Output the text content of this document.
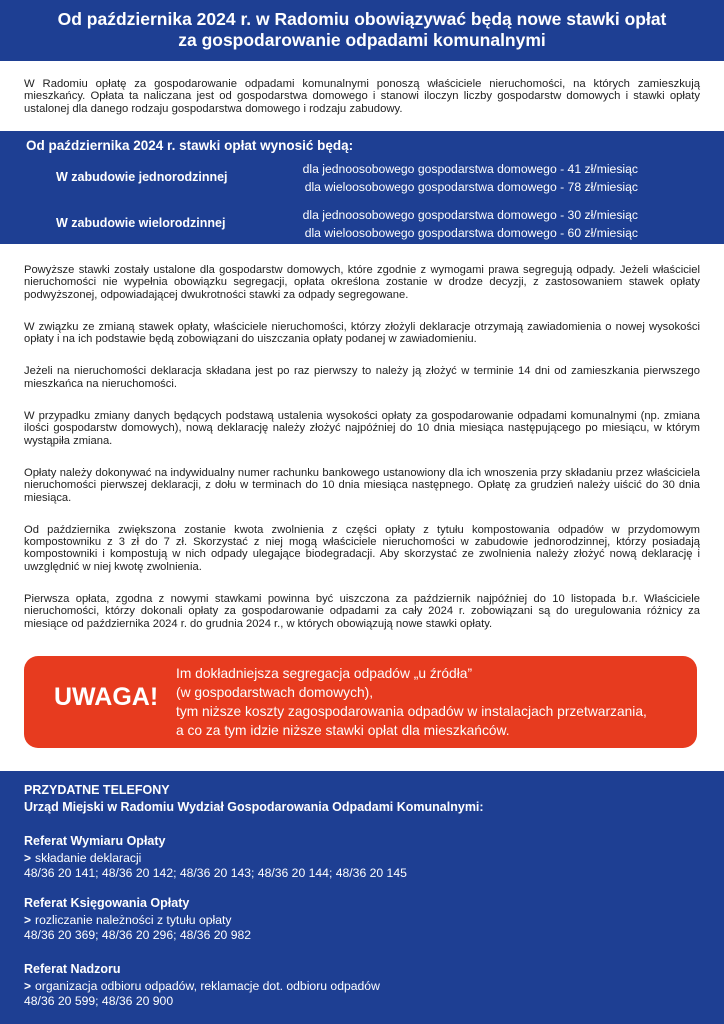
Od października 2024 r. w Radomiu obowiązywać będą nowe stawki opłat
za gospodarowanie odpadami komunalnymi
W Radomiu opłatę za gospodarowanie odpadami komunalnymi ponoszą właściciele nieruchomości, na których zamieszkują mieszkańcy. Opłata ta naliczana jest od gospodarstwa domowego i stanowi iloczyn liczby gospodarstw domowych i stawki opłaty ustalonej dla danego rodzaju gospodarstwa domowego i rodzaju zabudowy.
Od października 2024 r. stawki opłat wynosić będą:
W zabudowie jednorodzinnej
dla jednoosobowego gospodarstwa domowego - 41 zł/miesiąc
dla wieloosobowego gospodarstwa domowego - 78 zł/miesiąc
W zabudowie wielorodzinnej
dla jednoosobowego gospodarstwa domowego - 30 zł/miesiąc
dla wieloosobowego gospodarstwa domowego - 60 zł/miesiąc

Powyższe stawki zostały ustalone dla gospodarstw domowych, które zgodnie z wymogami prawa segregują odpady. Jeżeli właściciel nieruchomości nie wypełnia obowiązku segregacji, opłata określona zostanie w drodze decyzji, z zastosowaniem stawek opłaty podwyższonej, odpowiadającej dwukrotności stawki za odpady segregowane.

W związku ze zmianą stawek opłaty, właściciele nieruchomości, którzy złożyli deklaracje otrzymają zawiadomienia o nowej wysokości opłaty i na ich podstawie będą zobowiązani do uiszczania opłaty podanej w zawiadomieniu.

Jeżeli na nieruchomości deklaracja składana jest po raz pierwszy to należy ją złożyć w terminie 14 dni od zamieszkania pierwszego mieszkańca na nieruchomości.

W przypadku zmiany danych będących podstawą ustalenia wysokości opłaty za gospodarowanie odpadami komunalnymi (np. zmiana ilości gospodarstw domowych), nową deklarację należy złożyć najpóźniej do 10 dnia miesiąca następującego po miesiącu, w którym wystąpiła zmiana.

Opłaty należy dokonywać na indywidualny numer rachunku bankowego ustanowiony dla ich wnoszenia przy składaniu przez właściciela nieruchomości pierwszej deklaracji, z dołu w terminach do 10 dnia miesiąca następnego. Opłatę za grudzień należy uiścić do 30 dnia miesiąca.

Od października zwiększona zostanie kwota zwolnienia z części opłaty z tytułu kompostowania odpadów w przydomowym kompostowniku z 3 zł do 7 zł. Skorzystać z niej mogą właściciele nieruchomości w zabudowie jednorodzinnej, którzy posiadają kompostowniki i kompostują w nich odpady ulegające biodegradacji. Aby skorzystać ze zwolnienia należy złożyć nową deklarację i uwzględnić w niej kwotę zwolnienia.

Pierwsza opłata, zgodna z nowymi stawkami powinna być uiszczona za październik najpóźniej do 10 listopada b.r. Właściciele nieruchomości, którzy dokonali opłaty za gospodarowanie odpadami za cały 2024 r. zobowiązani są do uregulowania różnicy za miesiące od października 2024 r. do grudnia 2024 r., w których obowiązują nowe stawki opłaty.

UWAGA!
Im dokładniejsza segregacja odpadów „u źródła”
(w gospodarstwach domowych),
tym niższe koszty zagospodarowania odpadów w instalacjach przetwarzania,
a co za tym idzie niższe stawki opłat dla mieszkańców.
PRZYDATNE TELEFONY
Urząd Miejski w Radomiu Wydział Gospodarowania Odpadami Komunalnymi:
Referat Wymiaru Opłaty
> składanie deklaracji
48/36 20 141; 48/36 20 142; 48/36 20 143; 48/36 20 144; 48/36 20 145
Referat Księgowania Opłaty
> rozliczanie należności z tytułu opłaty
48/36 20 369; 48/36 20 296; 48/36 20 982
Referat Nadzoru
> organizacja odbioru odpadów, reklamacje dot. odbioru odpadów
48/36 20 599; 48/36 20 900
